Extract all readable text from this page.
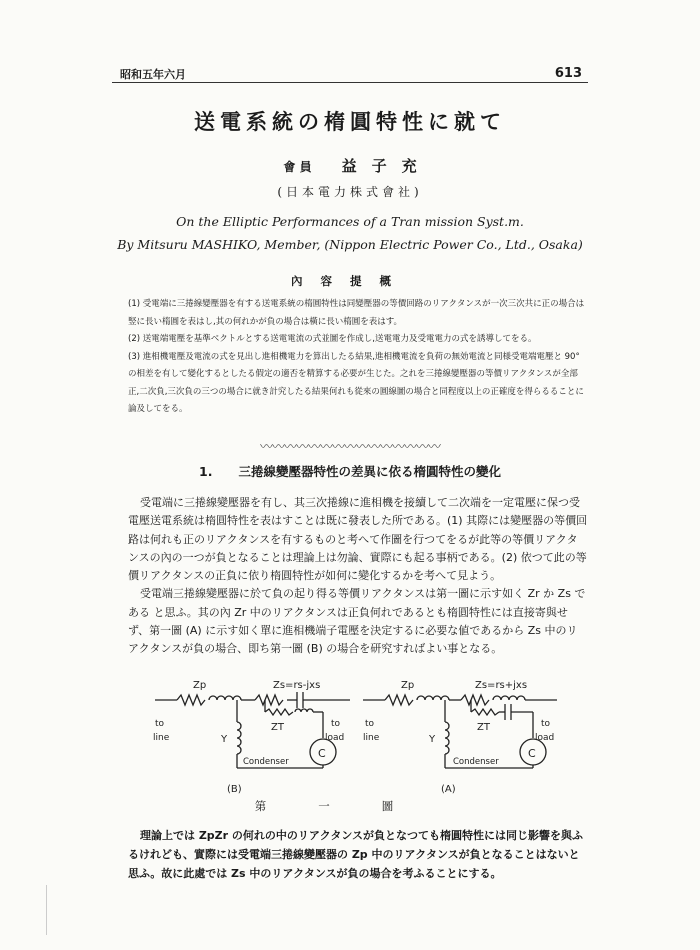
昭和五年六月	613
送電系統の楕圓特性に就て
會 員 益　子　充
(日本電力株式會社)
On the Elliptic Performances of a Tran mission Syst.m.
By Mitsuru MASHIKO, Member, (Nippon Electric Power Co., Ltd., Osaka)
內容提概

(1) 受電端に三捲線變壓器を有する送電系統の楕圓特性は同變壓器の等價回路のリアクタンスが一次三次共に正の場合は竪に長い楕圓を表はし,其の何れかが負の場合は橫に長い楕圓を表はす。

(2) 送電端電壓を基準ベクトルとする送電電流の式並圖を作成し,送電電力及受電電力の式を誘導してをる。

(3) 進相機電壓及電流の式を見出し進相機電力を算出したる結果,進相機電流を負荷の無効電流と同様受電端電壓と 90° の相差を有して變化するとしたる假定の適否を精算する必要が生じた。之れを三捲線變壓器の等價リアクタンスが全部正,二次負,三次負の三つの場合に就き計究したる結果何れも從來の圓線圖の場合と同程度以上の正確度を得らるることに論及してをる。

〰〰〰〰〰〰〰〰〰〰〰〰〰〰〰
1. 三捲線變壓器特性の差異に依る楕圓特性の變化

受電端に三捲線變壓器を有し、其三次捲線に進相機を接續して二次端を一定電壓に保つ受電壓送電系統は楕圓特性を表はすことは既に發表した所である。(1) 其際には變壓器の等價回路は何れも正のリアクタンスを有するものと考へて作圖を行つてをるが此等の等價リアクタンスの內の一つが負となることは理論上は勿論、實際にも起る事柄である。(2) 依つて此の等價リアクタンスの正負に依り楕圓特性が如何に變化するかを考へて見よう。

受電端三捲線變壓器に於て負の起り得る等價リアクタンスは第一圖に示す如く Zr か Zs である と思ふ。其の內 Zr 中のリアクタンスは正負何れであるとも楕圓特性には直接寄與せず、第一圖 (A) に示す如く單に進相機端子電壓を決定するに必要な値であるから Zs 中のリアクタンスが負の場合、即ち第一圖 (B) の場合を研究すればよい事となる。

Zp	Zs=rs-jxs
ZT
Y
to
line
to
load
Condenser
C
(B)
Zp	Zs=rs+jxs
ZT
Y
to
line
to
load
Condenser
C
(A)
第一圖

理論上では ZpZr の何れの中のリアクタンスが負となつても楕圓特性には同じ影響を與ふるけれども、實際には受電端三捲線變壓器の Zp 中のリアクタンスが負となることはないと思ふ。故に此處では Zs 中のリアクタンスが負の場合を考ふることにする。
